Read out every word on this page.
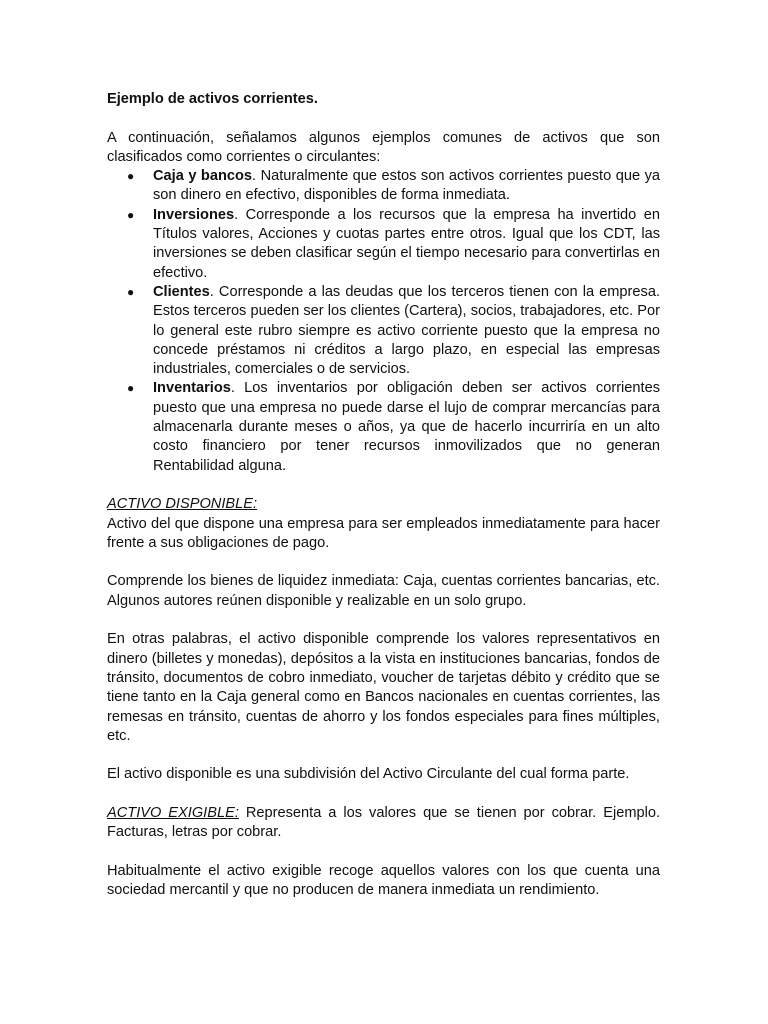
Ejemplo de activos corrientes.

A continuación, señalamos algunos ejemplos comunes de activos que son clasificados como corrientes o circulantes:

● Caja y bancos. Naturalmente que estos son activos corrientes puesto que ya son dinero en efectivo, disponibles de forma inmediata.
● Inversiones. Corresponde a los recursos que la empresa ha invertido en Títulos valores, Acciones y cuotas partes entre otros. Igual que los CDT, las inversiones se deben clasificar según el tiempo necesario para convertirlas en efectivo.
● Clientes. Corresponde a las deudas que los terceros tienen con la empresa. Estos terceros pueden ser los clientes (Cartera), socios, trabajadores, etc. Por lo general este rubro siempre es activo corriente puesto que la empresa no concede préstamos ni créditos a largo plazo, en especial las empresas industriales, comerciales o de servicios.
● Inventarios. Los inventarios por obligación deben ser activos corrientes puesto que una empresa no puede darse el lujo de comprar mercancías para almacenarla durante meses o años, ya que de hacerlo incurriría en un alto costo financiero por tener recursos inmovilizados que no generan Rentabilidad alguna.

ACTIVO DISPONIBLE:

Activo del que dispone una empresa para ser empleados inmediatamente para hacer frente a sus obligaciones de pago.

Comprende los bienes de liquidez inmediata: Caja, cuentas corrientes bancarias, etc. Algunos autores reúnen disponible y realizable en un solo grupo.

En otras palabras, el activo disponible comprende los valores representativos en dinero (billetes y monedas), depósitos a la vista en instituciones bancarias, fondos de tránsito, documentos de cobro inmediato, voucher de tarjetas débito y crédito que se tiene tanto en la Caja general como en Bancos nacionales en cuentas corrientes, las remesas en tránsito, cuentas de ahorro y los fondos especiales para fines múltiples, etc.

El activo disponible es una subdivisión del Activo Circulante del cual forma parte.

ACTIVO EXIGIBLE: Representa a los valores que se tienen por cobrar. Ejemplo. Facturas, letras por cobrar.

Habitualmente el activo exigible recoge aquellos valores con los que cuenta una sociedad mercantil y que no producen de manera inmediata un rendimiento.
